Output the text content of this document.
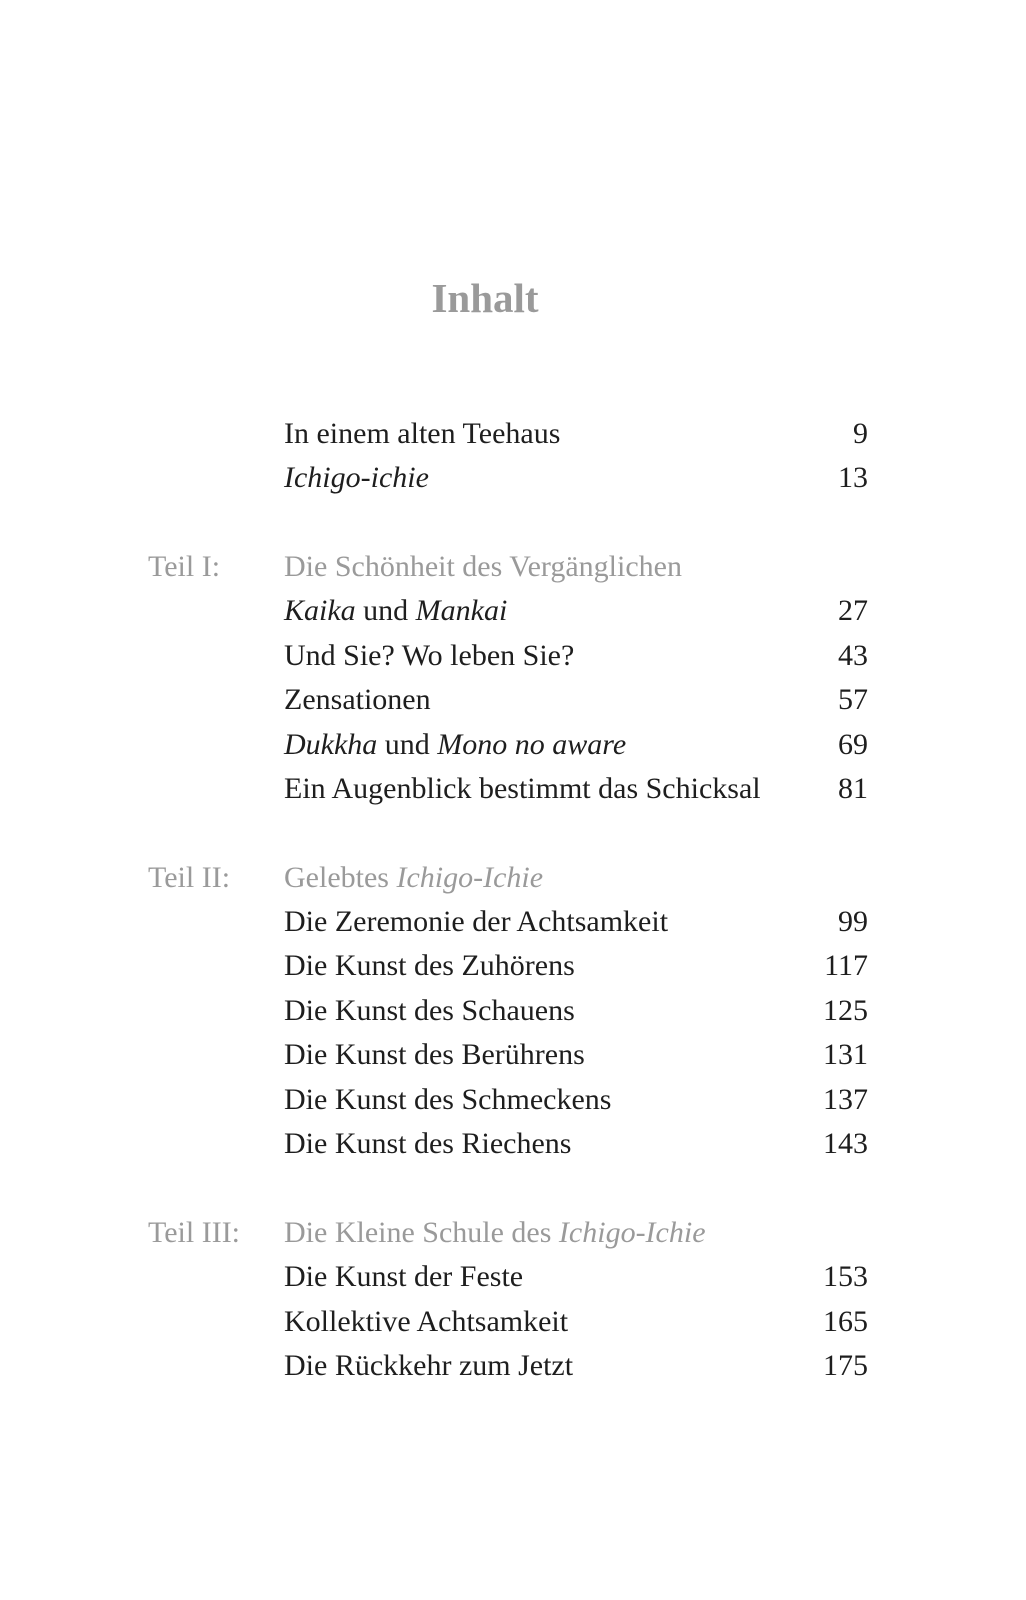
Inhalt
In einem alten Teehaus	9
Ichigo-ichie	13
Teil I: Die Schönheit des Vergänglichen
Kaika und Mankai	27
Und Sie? Wo leben Sie?	43
Zensationen	57
Dukkha und Mono no aware	69
Ein Augenblick bestimmt das Schicksal	81
Teil II: Gelebtes Ichigo-Ichie
Die Zeremonie der Achtsamkeit	99
Die Kunst des Zuhörens	117
Die Kunst des Schauens	125
Die Kunst des Berührens	131
Die Kunst des Schmeckens	137
Die Kunst des Riechens	143
Teil III: Die Kleine Schule des Ichigo-Ichie
Die Kunst der Feste	153
Kollektive Achtsamkeit	165
Die Rückkehr zum Jetzt	175
